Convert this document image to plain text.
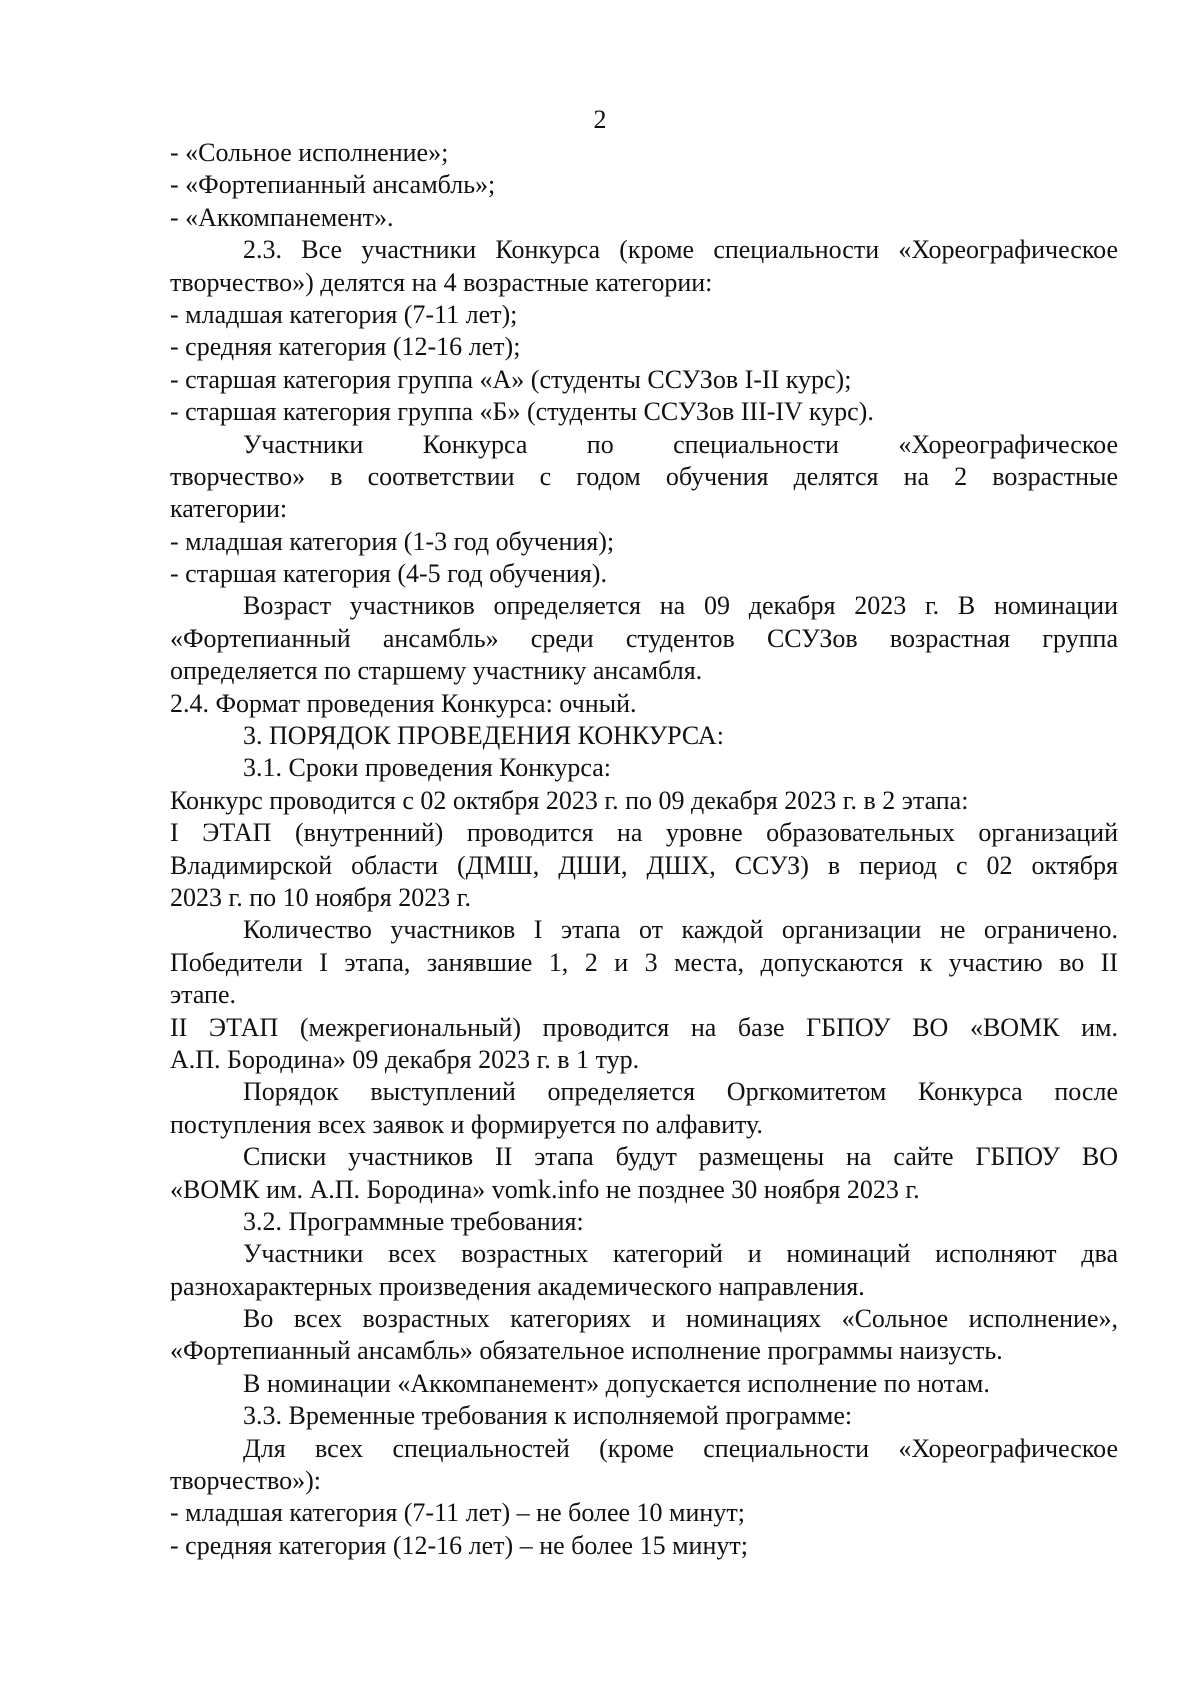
2
- «Сольное исполнение»;
- «Фортепианный ансамбль»;
- «Аккомпанемент».
2.3. Все участники Конкурса (кроме специальности «Хореографическое
творчество») делятся на 4 возрастные категории:
- младшая категория (7-11 лет);
- средняя категория (12-16 лет);
- старшая категория группа «А» (студенты ССУЗов I-II курс);
- старшая категория группа «Б» (студенты ССУЗов III-IV курс).
Участники Конкурса по специальности «Хореографическое
творчество» в соответствии с годом обучения делятся на 2 возрастные
категории:
- младшая категория (1-3 год обучения);
- старшая категория (4-5 год обучения).
Возраст участников определяется на 09 декабря 2023 г. В номинации
«Фортепианный ансамбль» среди студентов ССУЗов возрастная группа
определяется по старшему участнику ансамбля.
2.4. Формат проведения Конкурса: очный.
3. ПОРЯДОК ПРОВЕДЕНИЯ КОНКУРСА:
3.1. Сроки проведения Конкурса:
Конкурс проводится с 02 октября 2023 г. по 09 декабря 2023 г. в 2 этапа:
I ЭТАП (внутренний) проводится на уровне образовательных организаций
Владимирской области (ДМШ, ДШИ, ДШХ, ССУЗ) в период с 02 октября
2023 г. по 10 ноября 2023 г.
Количество участников I этапа от каждой организации не ограничено.
Победители I этапа, занявшие 1, 2 и 3 места, допускаются к участию во II
этапе.
II ЭТАП (межрегиональный) проводится на базе ГБПОУ ВО «ВОМК им.
А.П. Бородина» 09 декабря 2023 г. в 1 тур.
Порядок выступлений определяется Оргкомитетом Конкурса после
поступления всех заявок и формируется по алфавиту.
Списки участников II этапа будут размещены на сайте ГБПОУ ВО
«ВОМК им. А.П. Бородина» vomk.info не позднее 30 ноября 2023 г.
3.2. Программные требования:
Участники всех возрастных категорий и номинаций исполняют два
разнохарактерных произведения академического направления.
Во всех возрастных категориях и номинациях «Сольное исполнение»,
«Фортепианный ансамбль» обязательное исполнение программы наизусть.
В номинации «Аккомпанемент» допускается исполнение по нотам.
3.3. Временные требования к исполняемой программе:
Для всех специальностей (кроме специальности «Хореографическое
творчество»):
- младшая категория (7-11 лет) – не более 10 минут;
- средняя категория (12-16 лет) – не более 15 минут;
